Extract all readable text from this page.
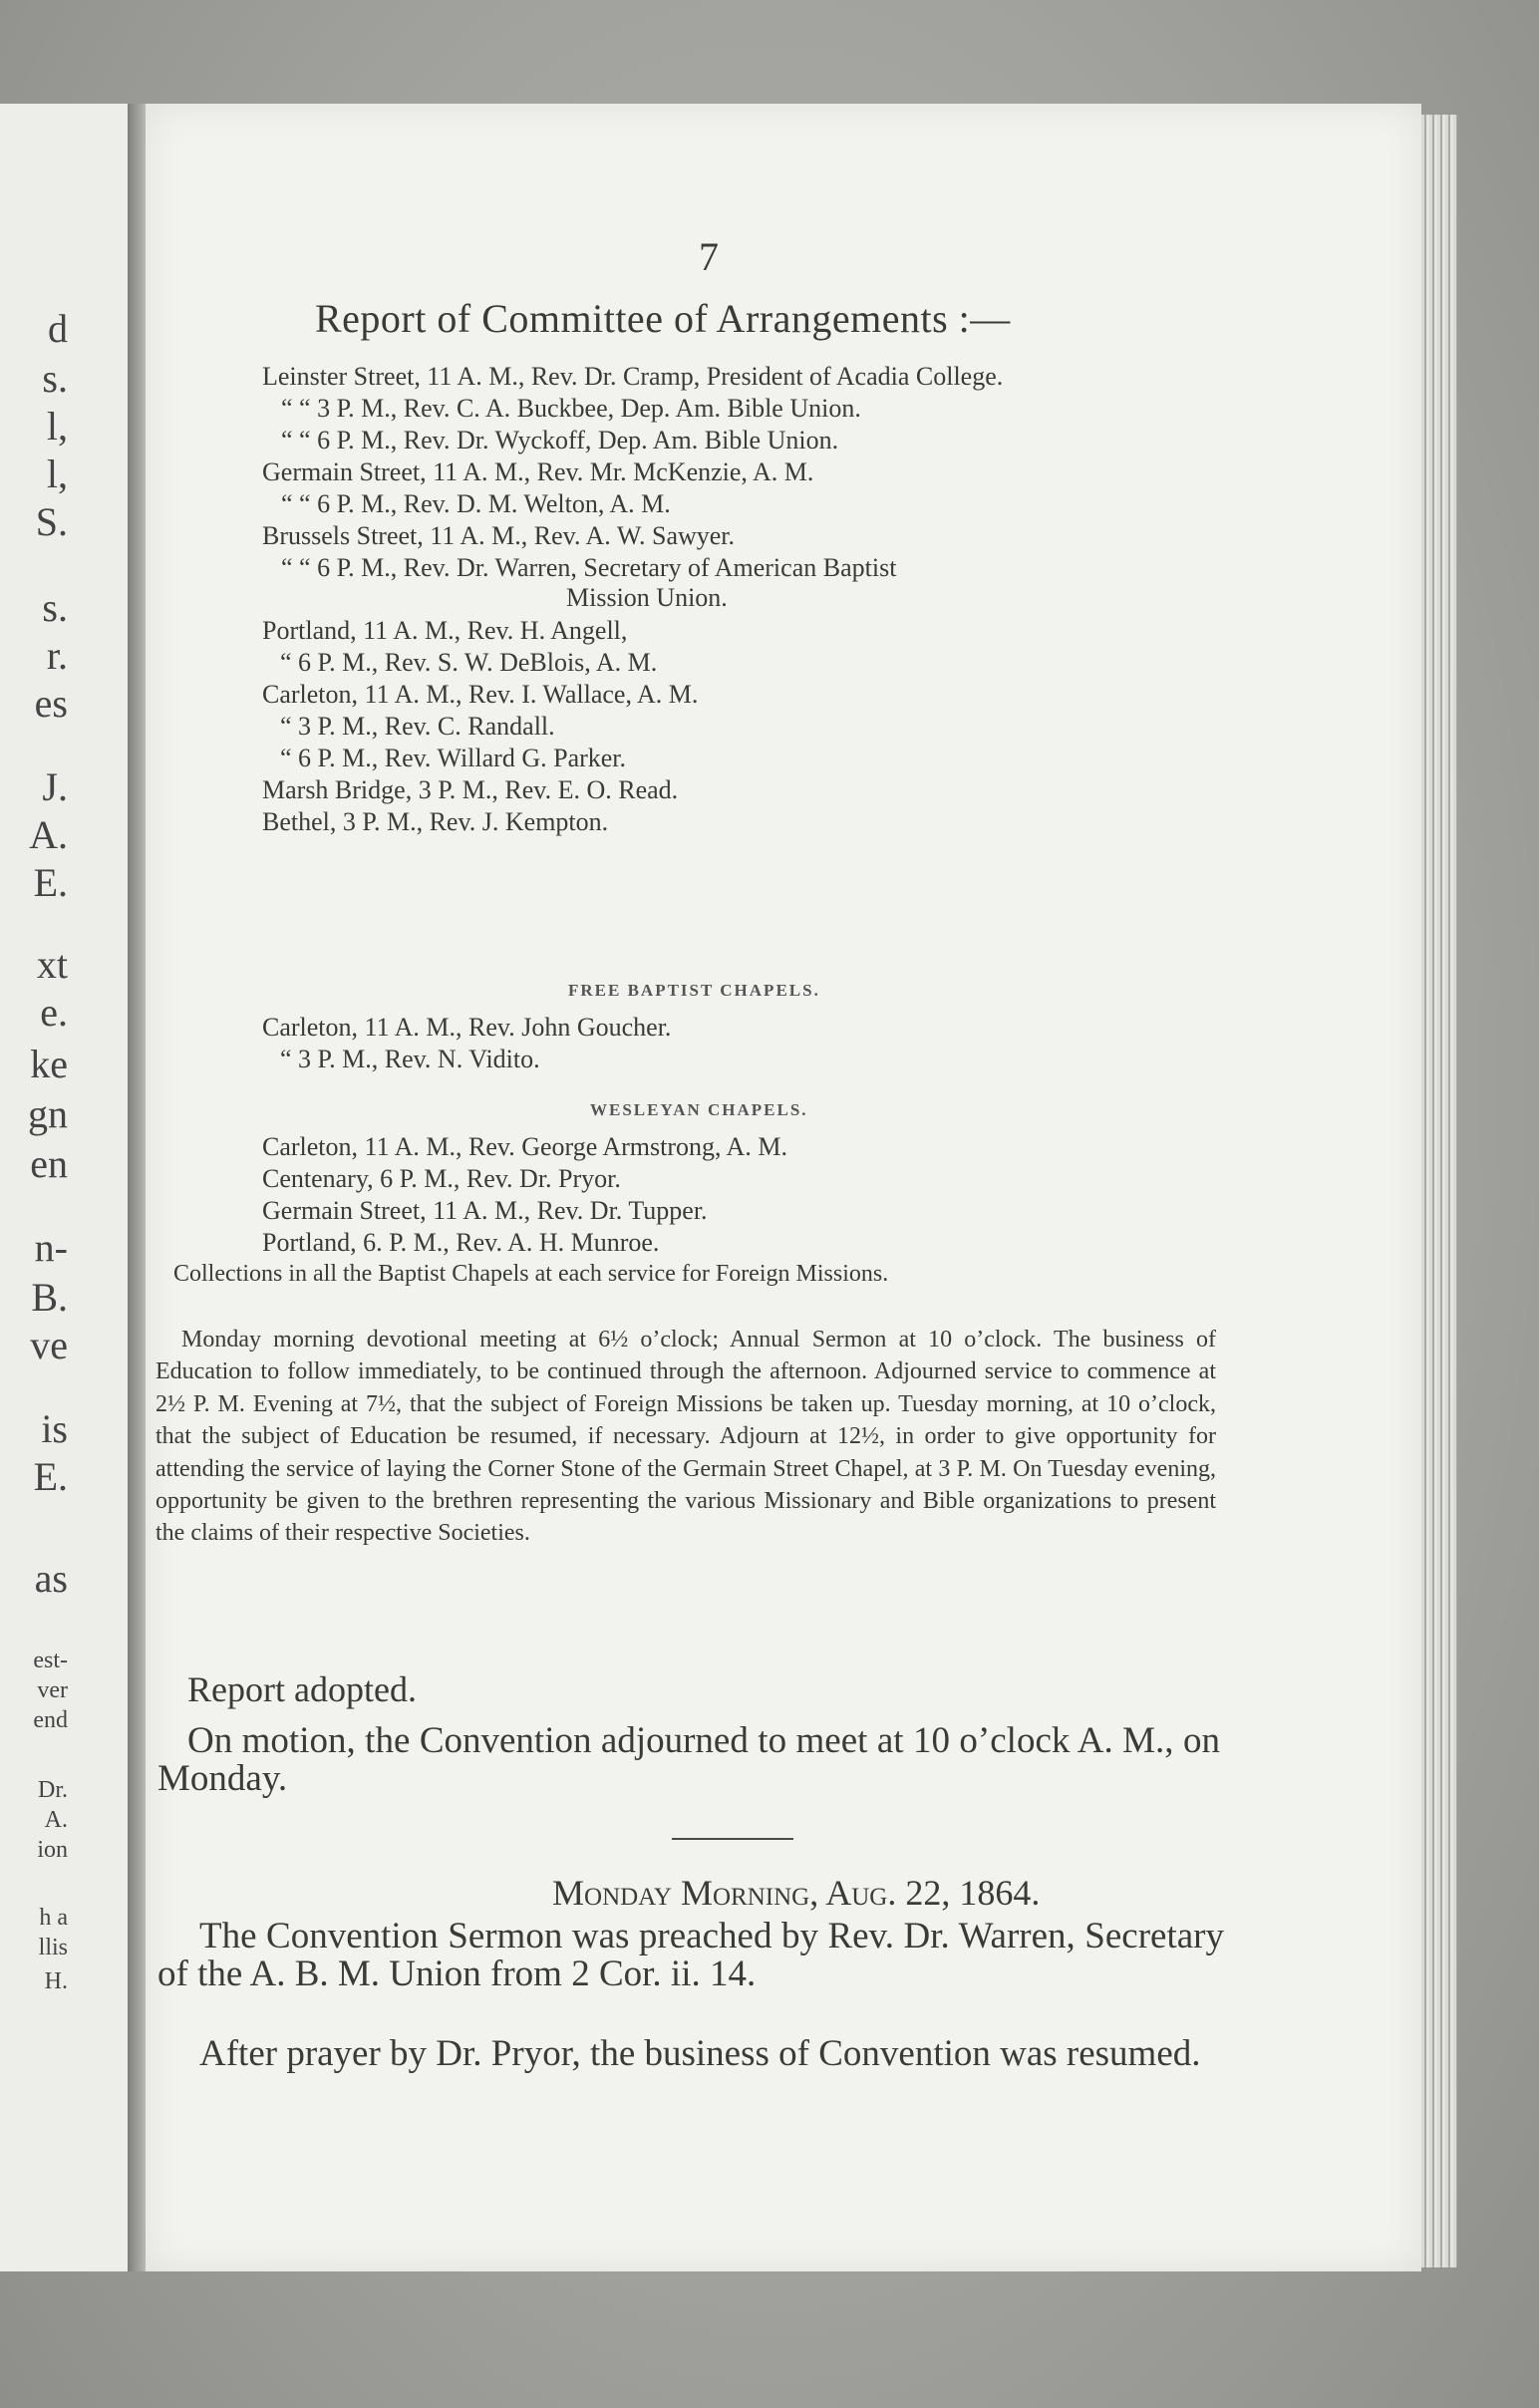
d
s.
l,
l,
S.
s.
r.
es
J.
A.
E.
xt
e.
ke
gn
en
n-
B.
ve
is
E.
as
est-
ver
end
Dr.
A.
ion
h a
llis
H.
7
Report of Committee of Arrangements :—
Leinster Street, 11 A. M., Rev. Dr. Cramp, President of Acadia College.
“ “ 3 P. M., Rev. C. A. Buckbee, Dep. Am. Bible Union.
“ “ 6 P. M., Rev. Dr. Wyckoff, Dep. Am. Bible Union.
Germain Street, 11 A. M., Rev. Mr. McKenzie, A. M.
“ “ 6 P. M., Rev. D. M. Welton, A. M.
Brussels Street, 11 A. M., Rev. A. W. Sawyer.
“ “ 6 P. M., Rev. Dr. Warren, Secretary of American Baptist
Mission Union.
Portland, 11 A. M., Rev. H. Angell,
“ 6 P. M., Rev. S. W. DeBlois, A. M.
Carleton, 11 A. M., Rev. I. Wallace, A. M.
“ 3 P. M., Rev. C. Randall.
“ 6 P. M., Rev. Willard G. Parker.
Marsh Bridge, 3 P. M., Rev. E. O. Read.
Bethel, 3 P. M., Rev. J. Kempton.
FREE BAPTIST CHAPELS.
Carleton, 11 A. M., Rev. John Goucher.
“ 3 P. M., Rev. N. Vidito.
WESLEYAN CHAPELS.
Carleton, 11 A. M., Rev. George Armstrong, A. M.
Centenary, 6 P. M., Rev. Dr. Pryor.
Germain Street, 11 A. M., Rev. Dr. Tupper.
Portland, 6. P. M., Rev. A. H. Munroe.
Collections in all the Baptist Chapels at each service for Foreign Missions.
Monday morning devotional meeting at 6½ o’clock; Annual Sermon at 10 o’clock. The business of Education to follow immediately, to be continued through the afternoon. Adjourned service to commence at 2½ P. M. Evening at 7½, that the subject of Foreign Missions be taken up. Tuesday morning, at 10 o’clock, that the subject of Education be resumed, if necessary. Adjourn at 12½, in order to give opportunity for attending the service of laying the Corner Stone of the Germain Street Chapel, at 3 P. M. On Tuesday evening, opportunity be given to the brethren representing the various Missionary and Bible organizations to present the claims of their respective Societies.
Report adopted.
On motion, the Convention adjourned to meet at 10 o’clock A. M., on Monday.
Monday Morning, Aug. 22, 1864.
The Convention Sermon was preached by Rev. Dr. Warren, Secretary of the A. B. M. Union from 2 Cor. ii. 14.
After prayer by Dr. Pryor, the business of Convention was resumed.
